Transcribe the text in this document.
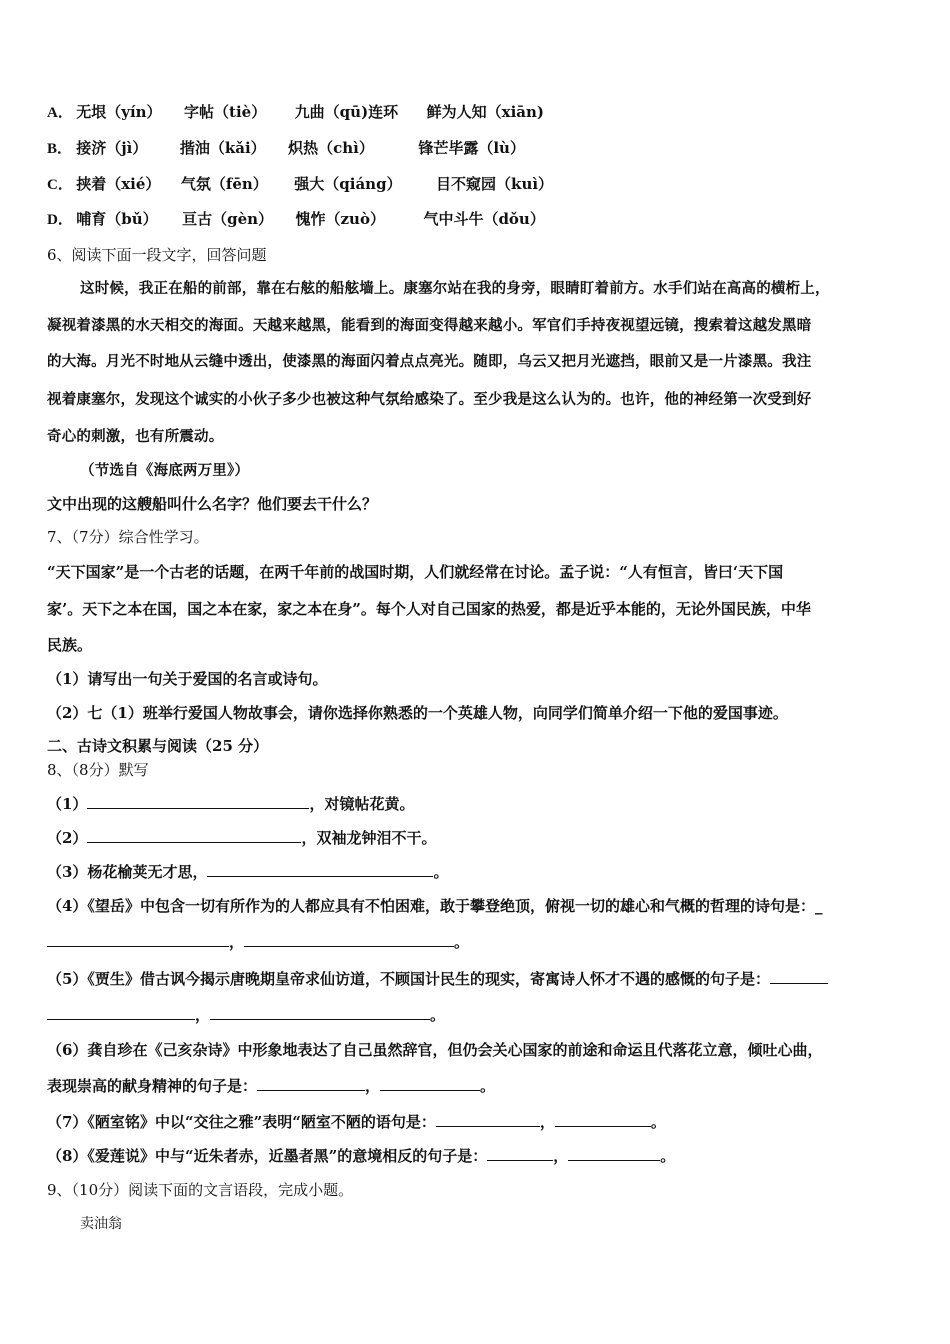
A． 无垠（yín） 字帖（tiè） 九曲（qū)连环 鲜为人知（xiān)
B． 接济（jì） 揩油（kǎi） 炽热（chì）	锋芒毕露（lù）
C． 挟着（xié） 气氛（fēn） 强大（qiáng） 目不窥园（kuì）
D． 哺育（bǔ） 亘古（gèn） 愧怍（zuò）	气中斗牛（dǒu）
6、阅读下面一段文字，回答问题
这时候，我正在船的前部，靠在右舷的船舷墙上。康塞尔站在我的身旁，眼睛盯着前方。水手们站在高高的横桁上，
凝视着漆黑的水天相交的海面。天越来越黑，能看到的海面变得越来越小。军官们手持夜视望远镜，搜索着这越发黑暗
的大海。月光不时地从云缝中透出，使漆黑的海面闪着点点亮光。随即，乌云又把月光遮挡，眼前又是一片漆黑。我注
视着康塞尔，发现这个诚实的小伙子多少也被这种气氛给感染了。至少我是这么认为的。也许，他的神经第一次受到好
奇心的刺激，也有所震动。
（节选自《海底两万里》）
文中出现的这艘船叫什么名字？他们要去干什么？
7、（7分）综合性学习。
“天下国家”是一个古老的话题，在两千年前的战国时期，人们就经常在讨论。孟子说：“人有恒言，皆曰‘天下国
家’。天下之本在国，国之本在家，家之本在身”。每个人对自己国家的热爱，都是近乎本能的，无论外国民族，中华
民族。
（1）请写出一句关于爱国的名言或诗句。
（2）七（1）班举行爱国人物故事会，请你选择你熟悉的一个英雄人物，向同学们简单介绍一下他的爱国事迹。
二、古诗文积累与阅读（25 分）
8、（8分）默写
（1）	，对镜帖花黄。
（2）	，双袖龙钟泪不干。
（3）杨花榆荚无才思，	。
（4）《望岳》中包含一切有所作为的人都应具有不怕困难，敢于攀登绝顶，俯视一切的雄心和气概的哲理的诗句是：_
，	。
（5）《贾生》借古讽今揭示唐晚期皇帝求仙访道，不顾国计民生的现实，寄寓诗人怀才不遇的感慨的句子是：
，	。
（6）龚自珍在《己亥杂诗》中形象地表达了自己虽然辞官，但仍会关心国家的前途和命运且代落花立意，倾吐心曲，
表现崇高的献身精神的句子是：	，	。
（7）《陋室铭》中以“交往之雅”表明“陋室不陋的语句是：	，	。
（8）《爱莲说》中与“近朱者赤，近墨者黑”的意境相反的句子是：	，	。
9、（10分）阅读下面的文言语段，完成小题。
卖油翁
